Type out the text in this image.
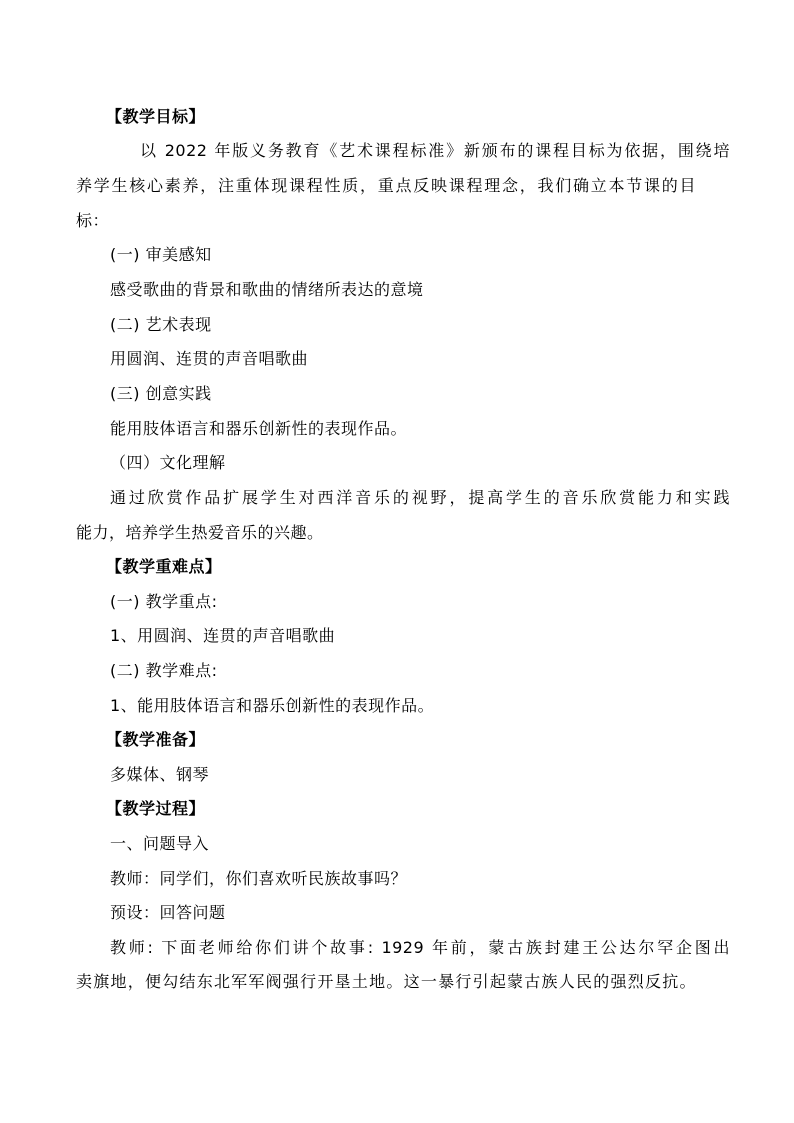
【教学目标】
以 2022 年版义务教育《艺术课程标准》新颁布的课程目标为依据，围绕培
养学生核心素养，注重体现课程性质，重点反映课程理念，我们确立本节课的目
标：
(一) 审美感知
感受歌曲的背景和歌曲的情绪所表达的意境
(二) 艺术表现
用圆润、连贯的声音唱歌曲
(三) 创意实践
能用肢体语言和器乐创新性的表现作品。
（四）文化理解
通过欣赏作品扩展学生对西洋音乐的视野，提高学生的音乐欣赏能力和实践
能力，培养学生热爱音乐的兴趣。
【教学重难点】
(一) 教学重点:
1、用圆润、连贯的声音唱歌曲
(二) 教学难点:
1、能用肢体语言和器乐创新性的表现作品。
【教学准备】
多媒体、钢琴
【教学过程】
一、问题导入
教师：同学们，你们喜欢听民族故事吗？
预设：回答问题
教师: 下面老师给你们讲个故事: 1929 年前，蒙古族封建王公达尔罕企图出
卖旗地，便勾结东北军军阀强行开垦土地。这一暴行引起蒙古族人民的强烈反抗。
